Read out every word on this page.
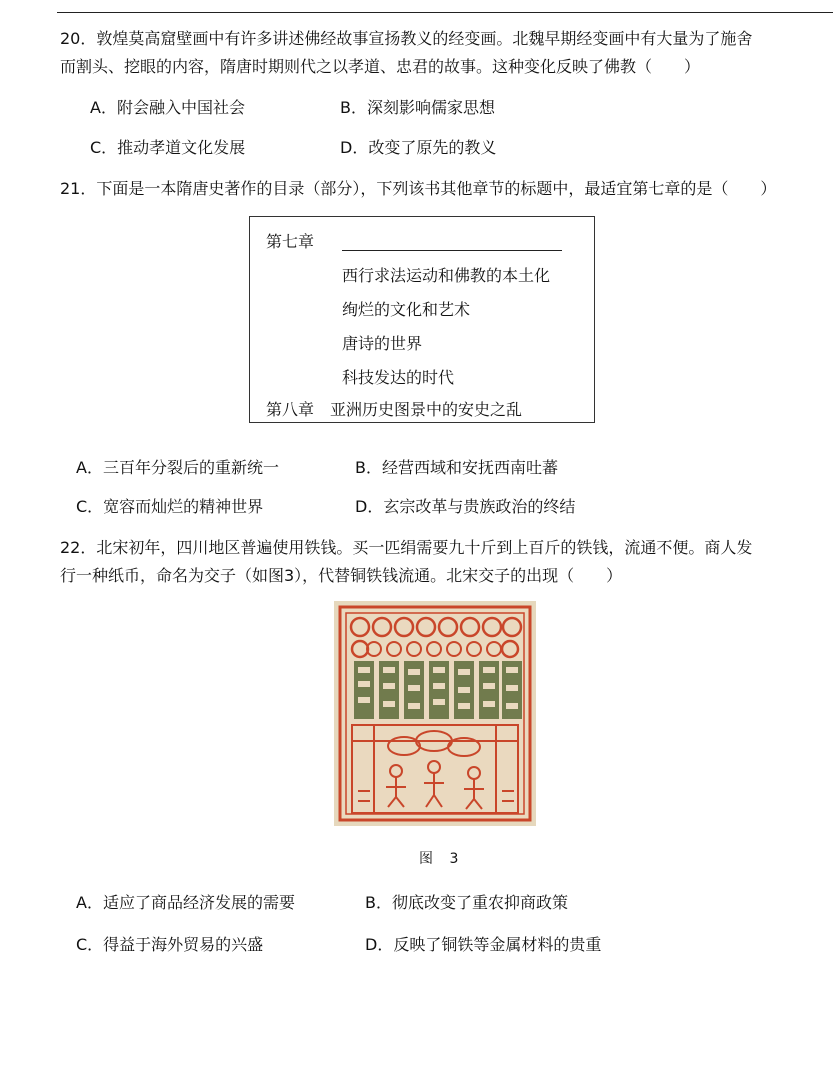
20．敦煌莫高窟壁画中有许多讲述佛经故事宣扬教义的经变画。北魏早期经变画中有大量为了施舍
而割头、挖眼的内容，隋唐时期则代之以孝道、忠君的故事。这种变化反映了佛教（　　）
A．附会融入中国社会	B．深刻影响儒家思想
C．推动孝道文化发展	D．改变了原先的教义
21．下面是一本隋唐史著作的目录（部分），下列该书其他章节的标题中，最适宜第七章的是（　　）
第七章
西行求法运动和佛教的本土化
绚烂的文化和艺术
唐诗的世界
科技发达的时代
第八章　亚洲历史图景中的安史之乱
A．三百年分裂后的重新统一	B．经营西域和安抚西南吐蕃
C．宽容而灿烂的精神世界	D．玄宗改革与贵族政治的终结
22．北宋初年，四川地区普遍使用铁钱。买一匹绢需要九十斤到上百斤的铁钱，流通不便。商人发
行一种纸币，命名为交子（如图3），代替铜铁钱流通。北宋交子的出现（　　）
图 3
A．适应了商品经济发展的需要	B．彻底改变了重农抑商政策
C．得益于海外贸易的兴盛	D．反映了铜铁等金属材料的贵重
